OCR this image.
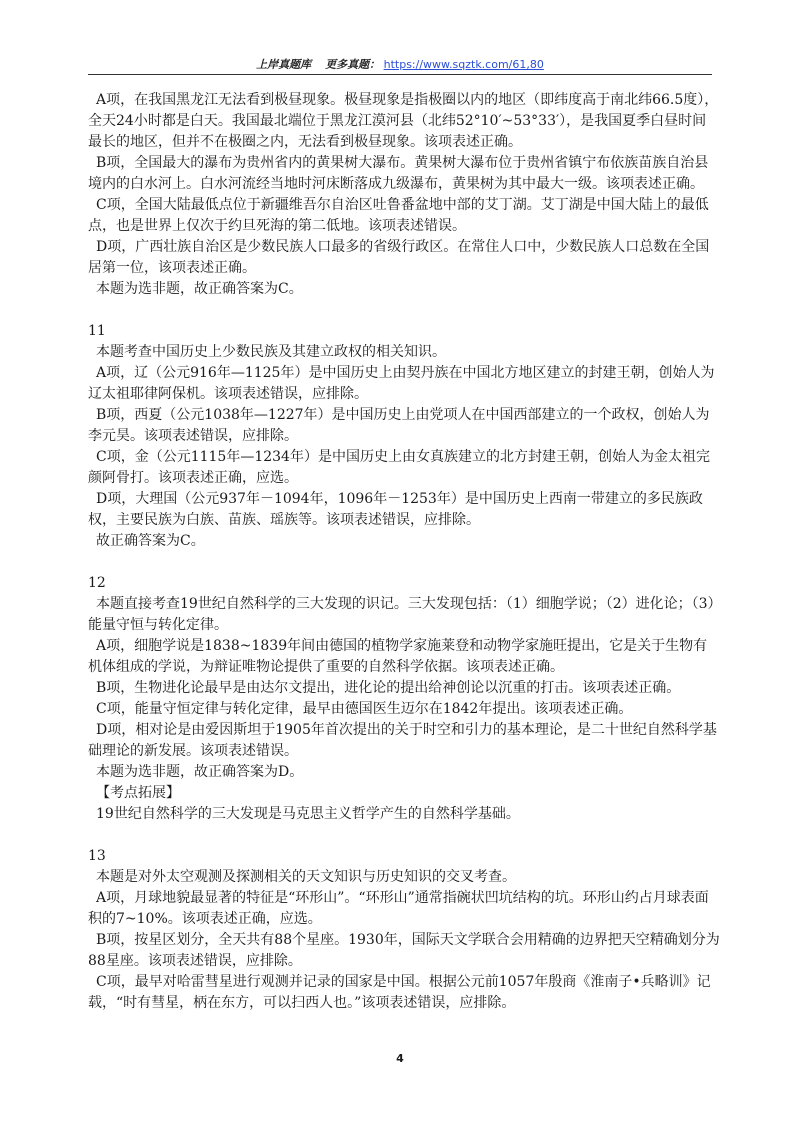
上岸真题库 更多真题： https://www.sqztk.com/61,80

A项，在我国黑龙江无法看到极昼现象。极昼现象是指极圈以内的地区（即纬度高于南北纬66.5度），全天24小时都是白天。我国最北端位于黑龙江漠河县（北纬52°10′~53°33′），是我国夏季白昼时间最长的地区，但并不在极圈之内，无法看到极昼现象。该项表述正确。

B项，全国最大的瀑布为贵州省内的黄果树大瀑布。黄果树大瀑布位于贵州省镇宁布依族苗族自治县境内的白水河上。白水河流经当地时河床断落成九级瀑布，黄果树为其中最大一级。该项表述正确。

C项，全国大陆最低点位于新疆维吾尔自治区吐鲁番盆地中部的艾丁湖。艾丁湖是中国大陆上的最低点，也是世界上仅次于约旦死海的第二低地。该项表述错误。

D项，广西壮族自治区是少数民族人口最多的省级行政区。在常住人口中，少数民族人口总数在全国居第一位，该项表述正确。

本题为选非题，故正确答案为C。

11

本题考查中国历史上少数民族及其建立政权的相关知识。

A项，辽（公元916年—1125年）是中国历史上由契丹族在中国北方地区建立的封建王朝，创始人为辽太祖耶律阿保机。该项表述错误，应排除。

B项，西夏（公元1038年—1227年）是中国历史上由党项人在中国西部建立的一个政权，创始人为李元昊。该项表述错误，应排除。

C项，金（公元1115年—1234年）是中国历史上由女真族建立的北方封建王朝，创始人为金太祖完颜阿骨打。该项表述正确，应选。

D项，大理国（公元937年－1094年，1096年－1253年）是中国历史上西南一带建立的多民族政权，主要民族为白族、苗族、瑶族等。该项表述错误，应排除。

故正确答案为C。

12

本题直接考查19世纪自然科学的三大发现的识记。三大发现包括：（1）细胞学说；（2）进化论；（3）能量守恒与转化定律。

A项，细胞学说是1838~1839年间由德国的植物学家施莱登和动物学家施旺提出，它是关于生物有机体组成的学说，为辩证唯物论提供了重要的自然科学依据。该项表述正确。

B项，生物进化论最早是由达尔文提出，进化论的提出给神创论以沉重的打击。该项表述正确。

C项，能量守恒定律与转化定律，最早由德国医生迈尔在1842年提出。该项表述正确。

D项，相对论是由爱因斯坦于1905年首次提出的关于时空和引力的基本理论，是二十世纪自然科学基础理论的新发展。该项表述错误。

本题为选非题，故正确答案为D。

【考点拓展】

19世纪自然科学的三大发现是马克思主义哲学产生的自然科学基础。

13

本题是对外太空观测及探测相关的天文知识与历史知识的交叉考查。

A项，月球地貌最显著的特征是“环形山”。“环形山”通常指碗状凹坑结构的坑。环形山约占月球表面积的7~10%。该项表述正确，应选。

B项，按星区划分，全天共有88个星座。1930年，国际天文学联合会用精确的边界把天空精确划分为88星座。该项表述错误，应排除。

C项，最早对哈雷彗星进行观测并记录的国家是中国。根据公元前1057年殷商《淮南子•兵略训》记载，“时有彗星，柄在东方，可以扫西人也。”该项表述错误，应排除。

4
